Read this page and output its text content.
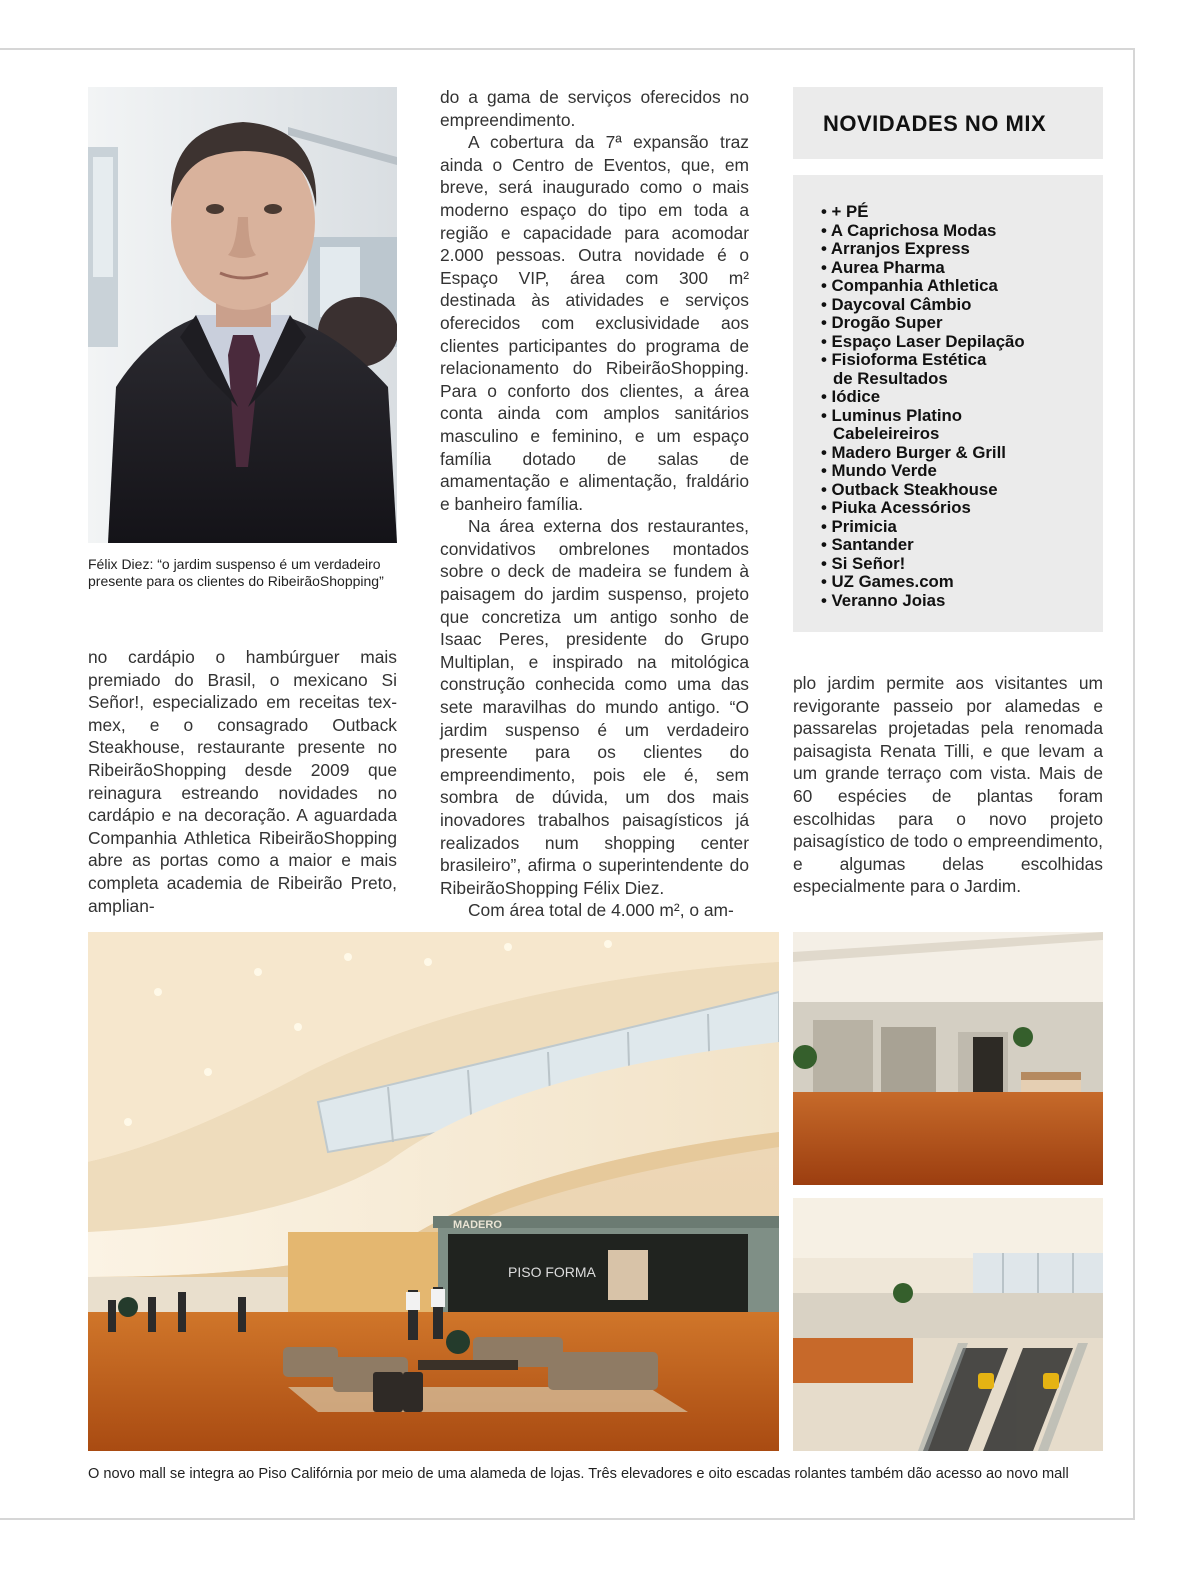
Félix Diez: “o jardim suspenso é um verdadeiro presente para os clientes do RibeirãoShopping”

no cardápio o hambúrguer mais premiado do Brasil, o mexicano Si Señor!, especializado em receitas tex-mex, e o consagrado Outback Steakhouse, restaurante presente no RibeirãoShopping desde 2009 que reinagura estreando novidades no cardápio e na decoração. A aguardada Companhia Athletica RibeirãoShopping abre as portas como a maior e mais completa academia de Ribeirão Preto, amplian-

do a gama de serviços oferecidos no empreendimento.

A cobertura da 7ª expansão traz ainda o Centro de Eventos, que, em breve, será inaugurado como o mais moderno espaço do tipo em toda a região e capacidade para acomodar 2.000 pessoas. Outra novidade é o Espaço VIP, área com 300 m² destinada às atividades e serviços oferecidos com exclusividade aos clientes participantes do programa de relacionamento do RibeirãoShopping. Para o conforto dos clientes, a área conta ainda com amplos sanitários masculino e feminino, e um espaço família dotado de salas de amamentação e alimentação, fraldário e banheiro família.

Na área externa dos restaurantes, convidativos ombrelones montados sobre o deck de madeira se fundem à paisagem do jardim suspenso, projeto que concretiza um antigo sonho de Isaac Peres, presidente do Grupo Multiplan, e inspirado na mitológica construção conhecida como uma das sete maravilhas do mundo antigo. “O jardim suspenso é um verdadeiro presente para os clientes do empreendimento, pois ele é, sem sombra de dúvida, um dos mais inovadores trabalhos paisagísticos já realizados num shopping center brasileiro”, afirma o superintendente do RibeirãoShopping Félix Diez.

Com área total de 4.000 m², o am-

NOVIDADES NO MIX
• + PÉ
• A Caprichosa Modas
• Arranjos Express
• Aurea Pharma
• Companhia Athletica
• Daycoval Câmbio
• Drogão Super
• Espaço Laser Depilação
• Fisioforma Estética
de Resultados
• Iódice
• Luminus Platino
Cabeleireiros
• Madero Burger & Grill
• Mundo Verde
• Outback Steakhouse
• Piuka Acessórios
• Primicia
• Santander
• Si Señor!
• UZ Games.com
• Veranno Joias

plo jardim permite aos visitantes um revigorante passeio por alamedas e passarelas projetadas pela renomada paisagista Renata Tilli, e que levam a um grande terraço com vista. Mais de 60 espécies de plantas foram escolhidas para o novo projeto paisagístico de todo o empreendimento, e algumas delas escolhidas especialmente para o Jardim.

MADERO
PISO FORMA
O novo mall se integra ao Piso Califórnia por meio de uma alameda de lojas. Três elevadores e oito escadas rolantes também dão acesso ao novo mall
